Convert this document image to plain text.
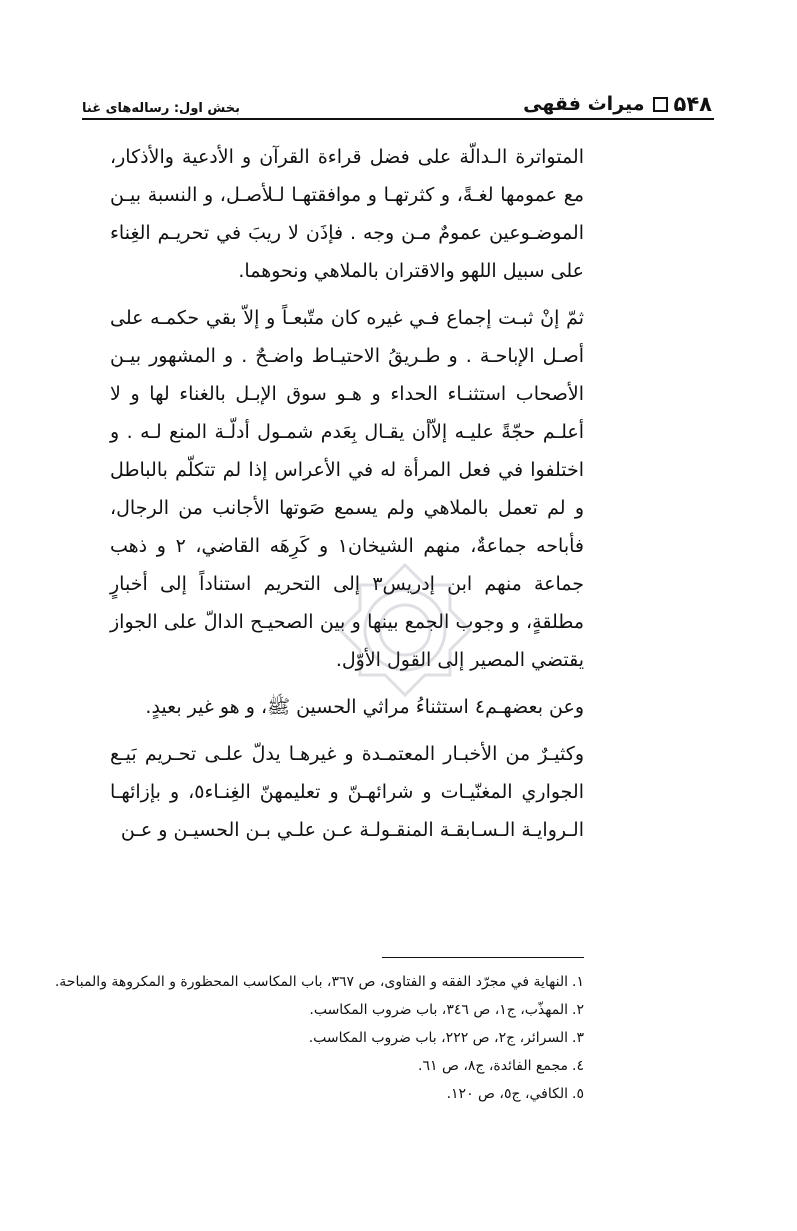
۵۴۸
میراث فقهی
بخش اول: رساله‌های غنا

المتواترة الـدالّة على فضل قراءة القرآن و الأدعية والأذكار، مع عمومها لغـةً، و كثرتهـا و موافقتهـا لـلأصـل، و النسبة بيـن الموضـوعين عمومٌ مـن وجه . فإذَن لا ريبَ في تحريـم الغِناء على سبيل اللهو والاقتران بالملاهي ونحوهما.

ثمّ إنْ ثبـت إجماع فـي غيره كان متّبعـاً و إلاّ بقي حكمـه على أصـل الإباحـة . و طـريقُ الاحتيـاط واضـحٌ . و المشهور بيـن الأصحاب استثنـاء الحداء و هـو سوق الإبـل بالغناء لها و لا أعلـم حجّةً عليـه إلاّأن يقـال بِعَدم شمـول أدلّـة المنع لـه . و اختلفوا في فعل المرأة له في الأعراس إذا لم تتكلّم بالباطل و لم تعمل بالملاهي ولم يسمع صَوتها الأجانب من الرجال، فأباحه جماعةٌ، منهم الشيخان١ و كَرِهَه القاضي، ٢ و ذهب جماعة منهم ابن إدريس٣ إلى التحريم استناداً إلى أخبارٍ مطلقةٍ، و وجوب الجمع بينها و بين الصحيـح الدالّ على الجواز يقتضي المصير إلى القول الأوّل.

وعن بعضهـم٤ استثناءُ مراثي الحسين ﷺ، و هو غير بعيدٍ.

وكثيـرٌ من الأخبـار المعتمـدة و غيرهـا يدلّ علـى تحـريم بَيـع الجواري المغنّيـات و شرائهـنّ و تعليمهنّ الغِنـاء٥، و بإزائهـا الـروايـة الـسـابقـة المنقـولـة عـن علـي بـن الحسيـن و عـن

١.النهاية في مجرّد الفقه و الفتاوى، ص ٣٦٧، باب المكاسب المحظورة و المكروهة والمباحة.
٢.المهذّب، ج١، ص ٣٤٦، باب ضروب المكاسب.
٣.السرائر، ج٢، ص ٢٢٢، باب ضروب المكاسب.
٤.مجمع الفائدة، ج٨، ص ٦١.
٥.الكافي، ج٥، ص ١٢٠.
